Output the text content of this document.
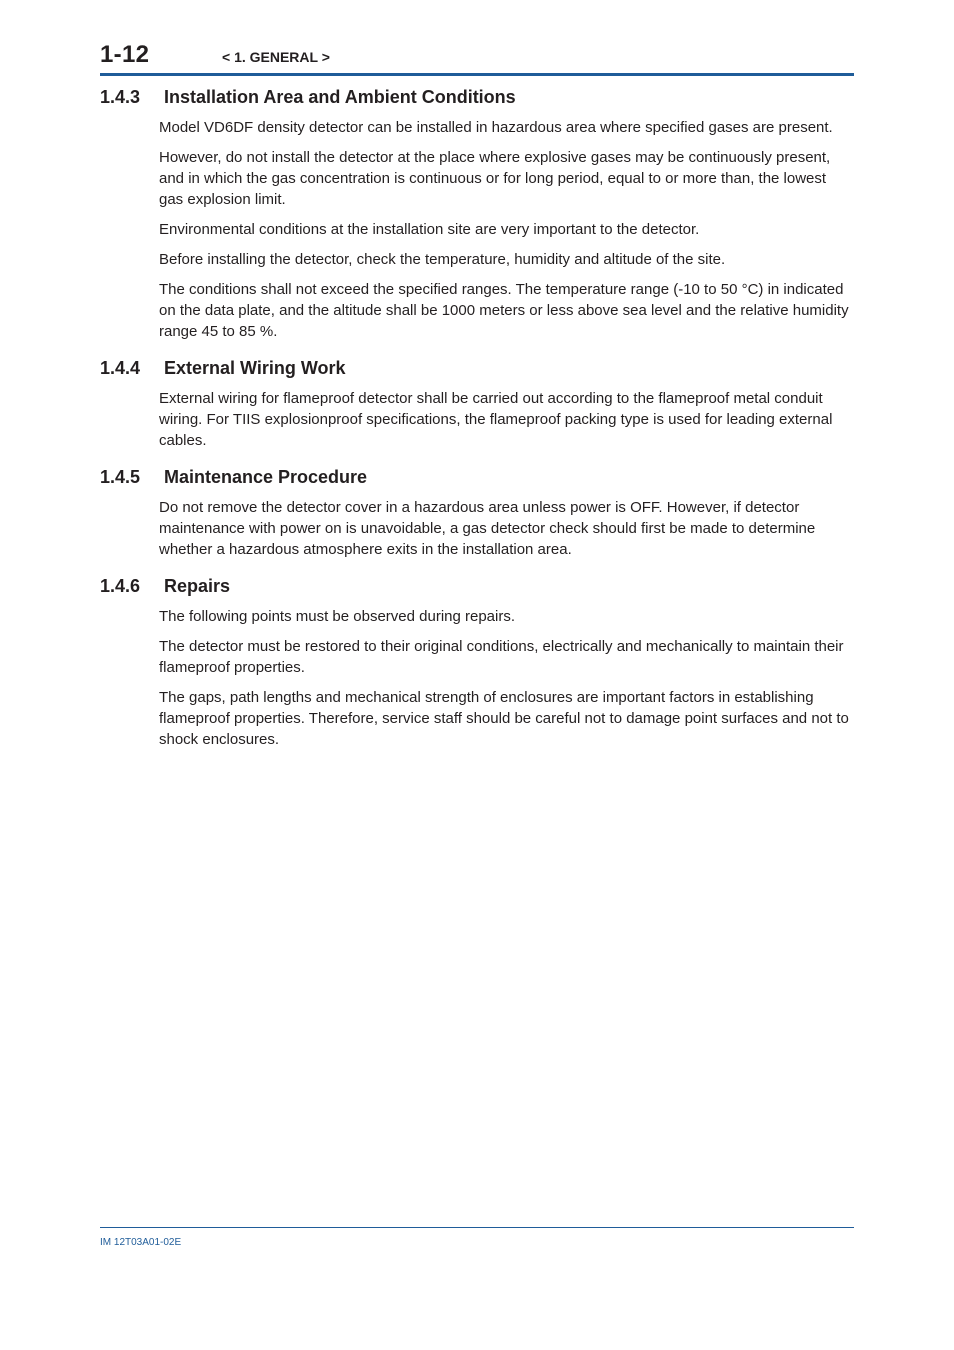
1-12	< 1. GENERAL >
1.4.3 Installation Area and Ambient Conditions

Model VD6DF density detector can be installed in hazardous area where specified gases are present.

However, do not install the detector at the place where explosive gases may be continuously present, and in which the gas concentration is continuous or for long period, equal to or more than, the lowest gas explosion limit.

Environmental conditions at the installation site are very important to the detector.

Before installing the detector, check the temperature, humidity and altitude of the site.

The conditions shall not exceed the specified ranges. The temperature range (-10 to 50 °C) in indicated on the data plate, and the altitude shall be 1000 meters or less above sea level and the relative humidity range 45 to 85 %.

1.4.4 External Wiring Work

External wiring for flameproof detector shall be carried out according to the flameproof metal conduit wiring. For TIIS explosionproof specifications, the flameproof packing type is used for leading external cables.

1.4.5 Maintenance Procedure

Do not remove the detector cover in a hazardous area unless power is OFF. However, if detector maintenance with power on is unavoidable, a gas detector check should first be made to determine whether a hazardous atmosphere exits in the installation area.

1.4.6 Repairs

The following points must be observed during repairs.

The detector must be restored to their original conditions, electrically and mechanically to maintain their flameproof properties.

The gaps, path lengths and mechanical strength of enclosures are important factors in establishing flameproof properties. Therefore, service staff should be careful not to damage point surfaces and not to shock enclosures.

IM 12T03A01-02E
